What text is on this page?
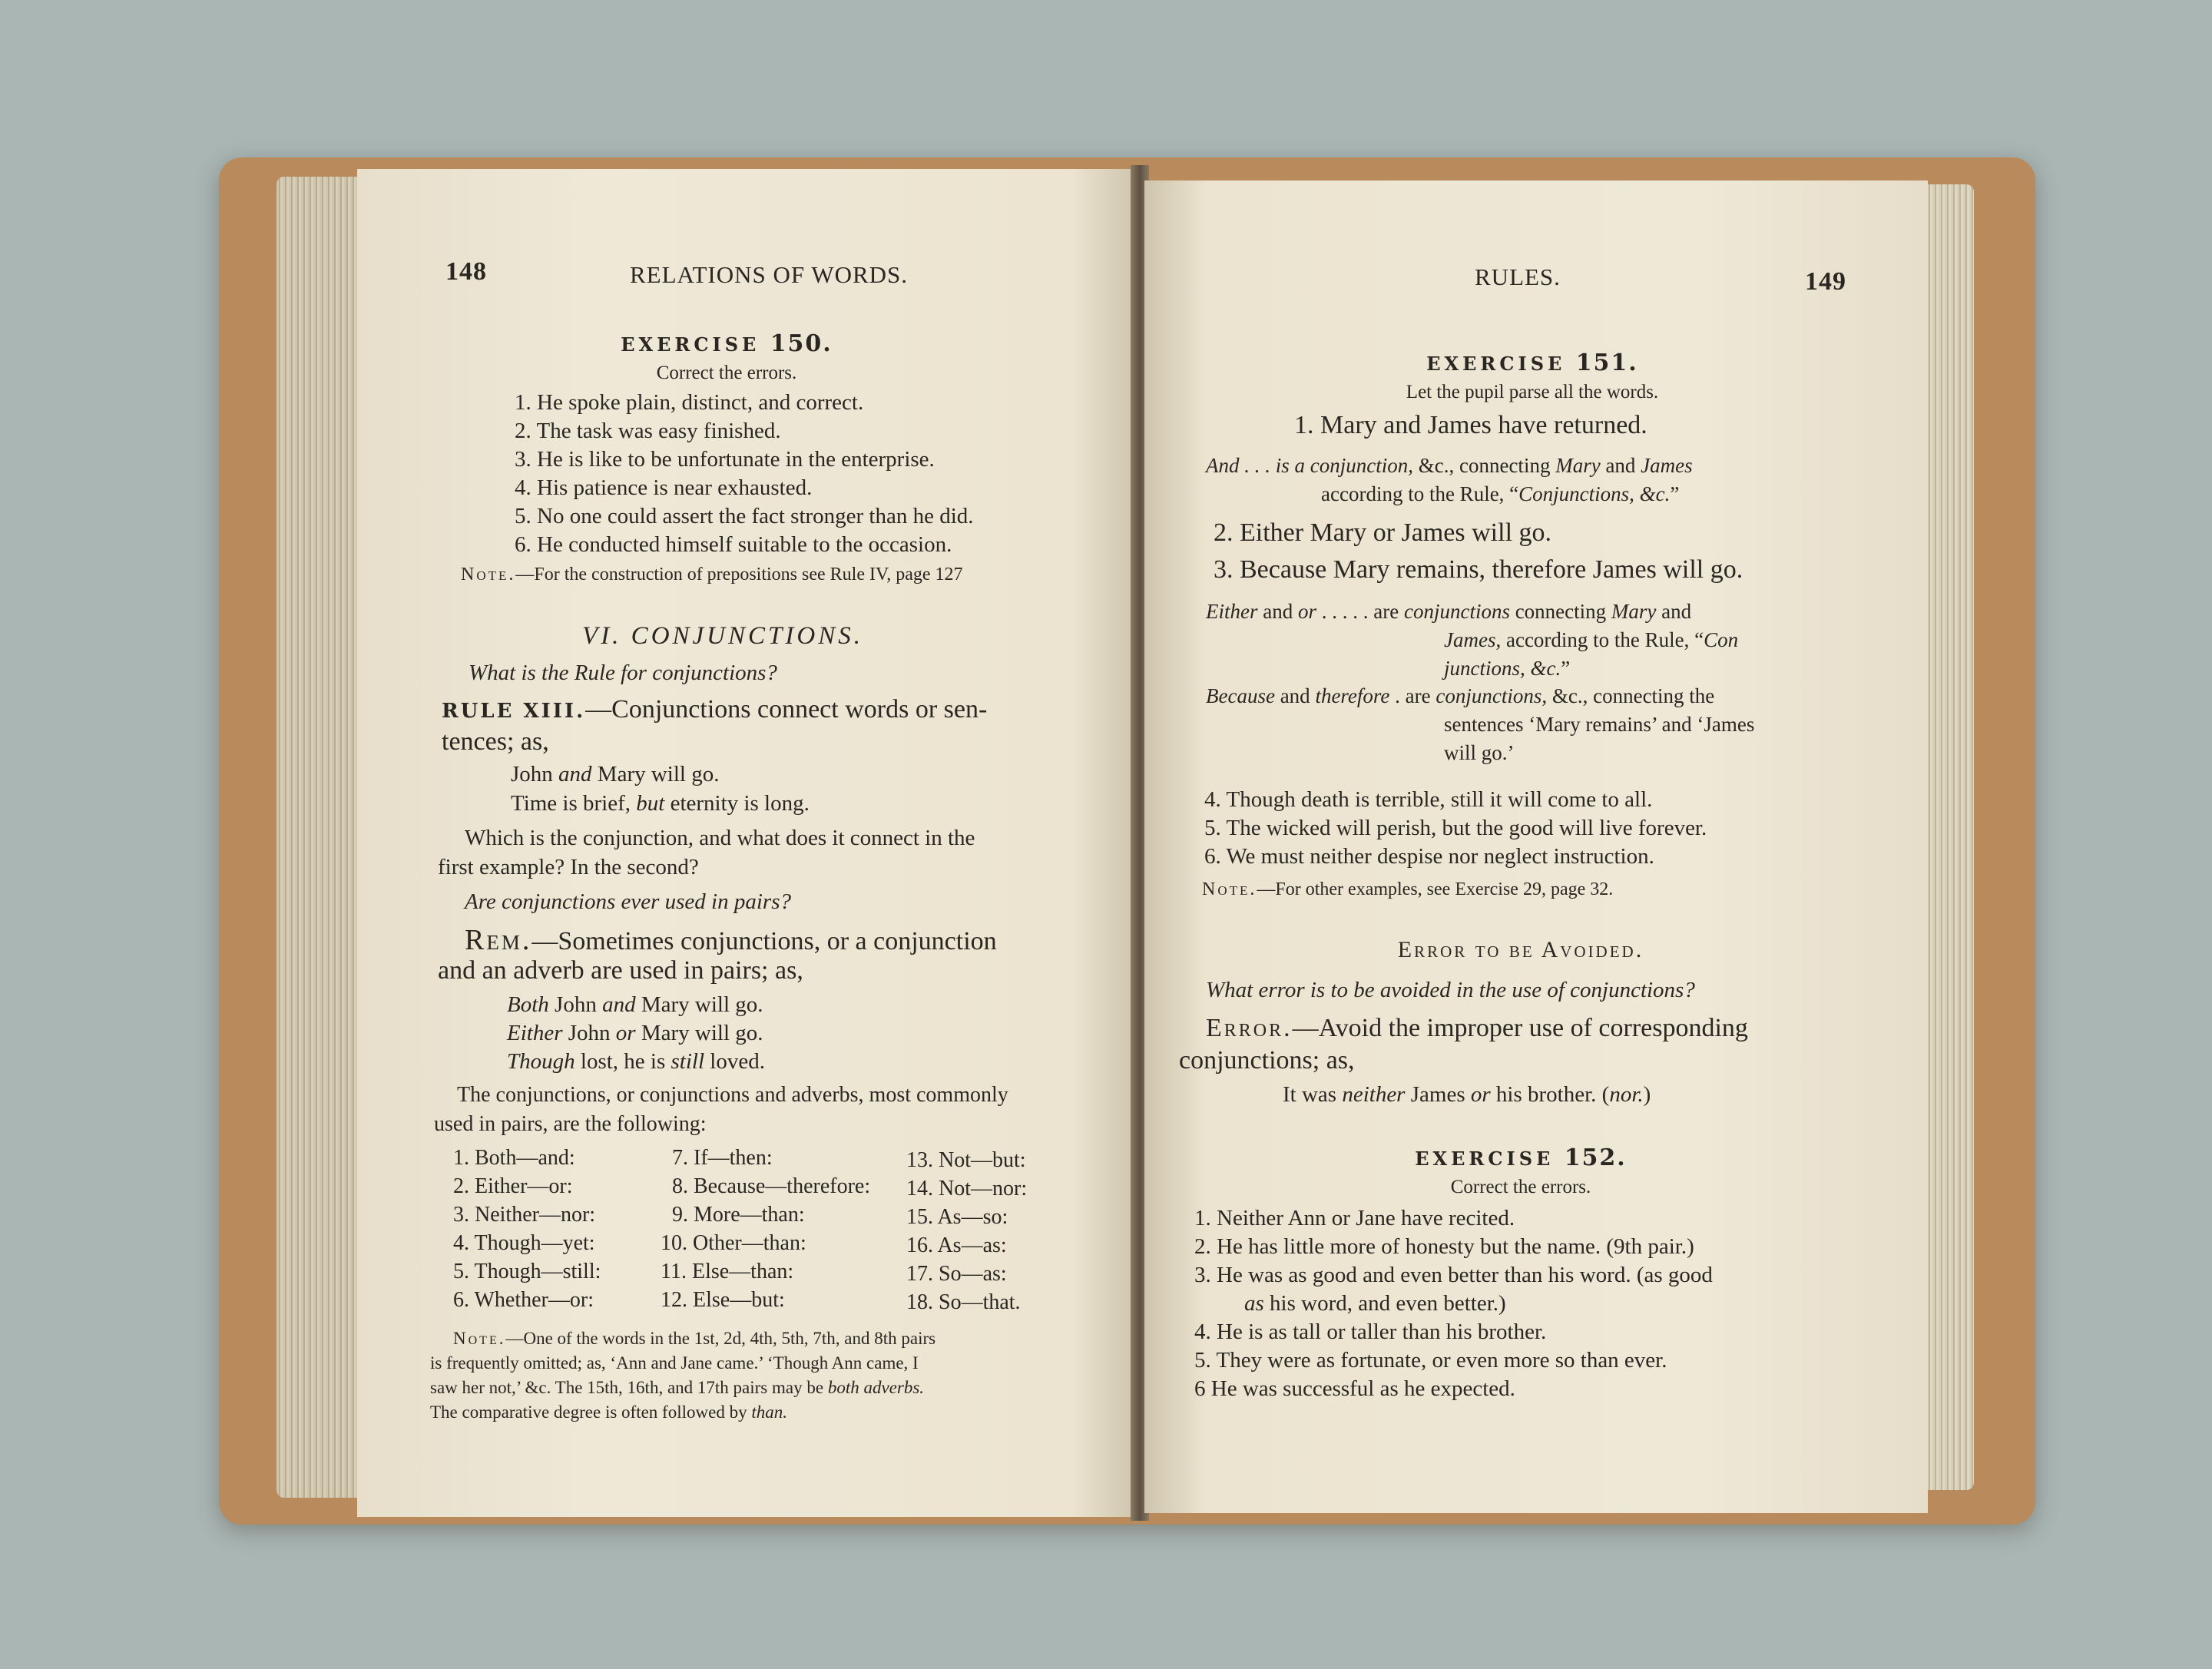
148	RELATIONS OF WORDS.
EXERCISE 150.
Correct the errors.
1. He spoke plain, distinct, and correct.
2. The task was easy finished.
3. He is like to be unfortunate in the enterprise.
4. His patience is near exhausted.
5. No one could assert the fact stronger than he did.
6. He conducted himself suitable to the occasion.
Note.—For the construction of prepositions see Rule IV, page 127
VI. CONJUNCTIONS.
What is the Rule for conjunctions?
RULE XIII.—Conjunctions connect words or sen-
tences; as,
John and Mary will go.
Time is brief, but eternity is long.
Which is the conjunction, and what does it connect in the
first example? In the second?
Are conjunctions ever used in pairs?
Rem.—Sometimes conjunctions, or a conjunction
and an adverb are used in pairs; as,
Both John and Mary will go.
Either John or Mary will go.
Though lost, he is still loved.
The conjunctions, or conjunctions and adverbs, most commonly
used in pairs, are the following:
1. Both—and:
2. Either—or:
3. Neither—nor:
4. Though—yet:
5. Though—still:
6. Whether—or:
7. If—then:
8. Because—therefore:
9. More—than:
10. Other—than:
11. Else—than:
12. Else—but:
13. Not—but:
14. Not—nor:
15. As—so:
16. As—as:
17. So—as:
18. So—that.
Note.—One of the words in the 1st, 2d, 4th, 5th, 7th, and 8th pairs
is frequently omitted; as, ‘Ann and Jane came.’ ‘Though Ann came, I
saw her not,’ &c. The 15th, 16th, and 17th pairs may be both adverbs.
The comparative degree is often followed by than.
RULES.	149
EXERCISE 151.
Let the pupil parse all the words.
1. Mary and James have returned.
And . . . is a conjunction, &c., connecting Mary and James
according to the Rule, “Conjunctions, &c.”
2. Either Mary or James will go.
3. Because Mary remains, therefore James will go.
Either and or . . . . . are conjunctions connecting Mary and
James, according to the Rule, “Con
junctions, &c.”
Because and therefore . are conjunctions, &c., connecting the
sentences ‘Mary remains’ and ‘James
will go.’
4. Though death is terrible, still it will come to all.
5. The wicked will perish, but the good will live forever.
6. We must neither despise nor neglect instruction.
Note.—For other examples, see Exercise 29, page 32.
Error to be Avoided.
What error is to be avoided in the use of conjunctions?
Error.—Avoid the improper use of corresponding
conjunctions; as,
It was neither James or his brother. (nor.)
EXERCISE 152.
Correct the errors.
1. Neither Ann or Jane have recited.
2. He has little more of honesty but the name. (9th pair.)
3. He was as good and even better than his word. (as good
as his word, and even better.)
4. He is as tall or taller than his brother.
5. They were as fortunate, or even more so than ever.
6 He was successful as he expected.
